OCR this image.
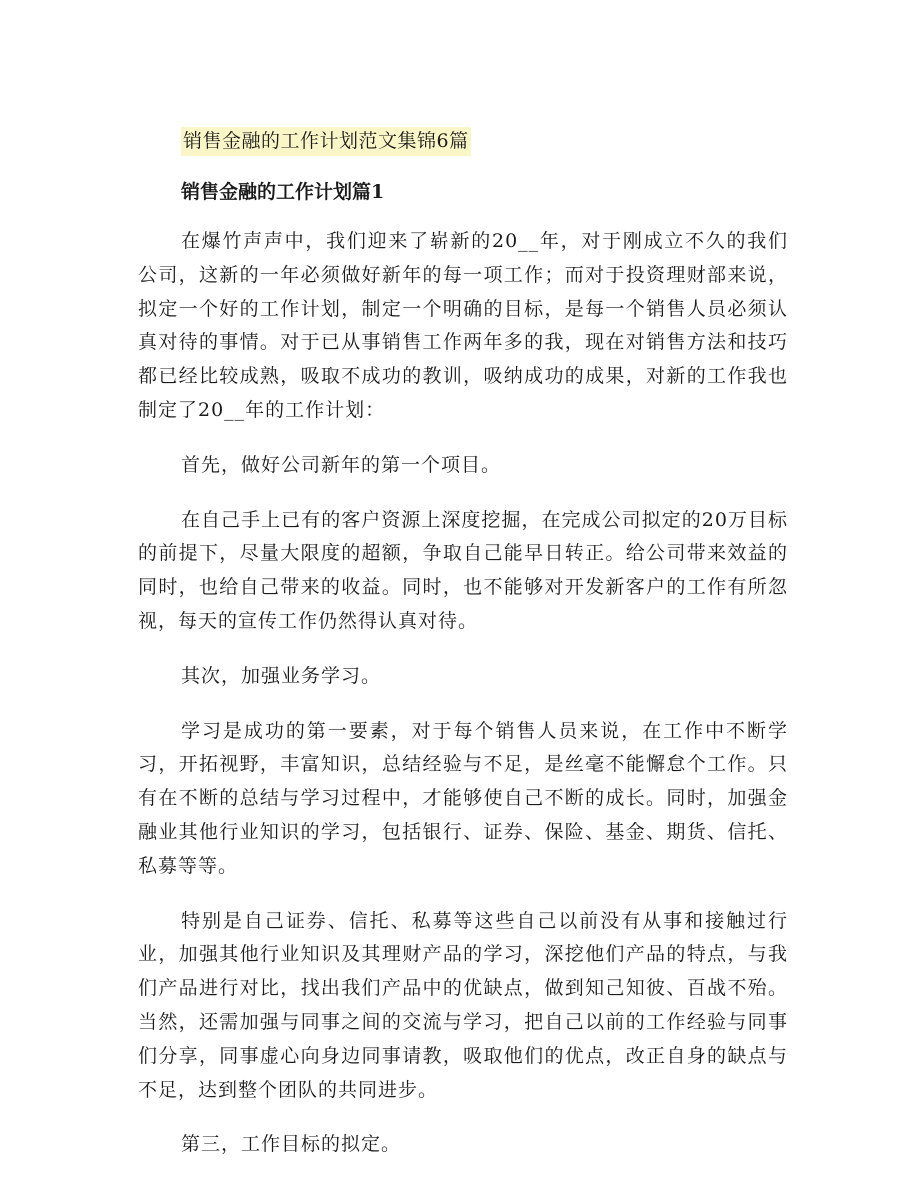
销售金融的工作计划范文集锦6篇
销售金融的工作计划篇1

在爆竹声声中，我们迎来了崭新的20__年，对于刚成立不久的我们公司，这新的一年必须做好新年的每一项工作；而对于投资理财部来说，拟定一个好的工作计划，制定一个明确的目标，是每一个销售人员必须认真对待的事情。对于已从事销售工作两年多的我，现在对销售方法和技巧都已经比较成熟，吸取不成功的教训，吸纳成功的成果，对新的工作我也制定了20__年的工作计划：

首先，做好公司新年的第一个项目。

在自己手上已有的客户资源上深度挖掘，在完成公司拟定的20万目标的前提下，尽量大限度的超额，争取自己能早日转正。给公司带来效益的同时，也给自己带来的收益。同时，也不能够对开发新客户的工作有所忽视，每天的宣传工作仍然得认真对待。

其次，加强业务学习。

学习是成功的第一要素，对于每个销售人员来说，在工作中不断学习，开拓视野，丰富知识，总结经验与不足，是丝毫不能懈怠个工作。只有在不断的总结与学习过程中，才能够使自己不断的成长。同时，加强金融业其他行业知识的学习，包括银行、证券、保险、基金、期货、信托、私募等等。

特别是自己证券、信托、私募等这些自己以前没有从事和接触过行业，加强其他行业知识及其理财产品的学习，深挖他们产品的特点，与我们产品进行对比，找出我们产品中的优缺点，做到知己知彼、百战不殆。当然，还需加强与同事之间的交流与学习，把自己以前的工作经验与同事们分享，同事虚心向身边同事请教，吸取他们的优点，改正自身的缺点与不足，达到整个团队的共同进步。

第三，工作目标的拟定。
